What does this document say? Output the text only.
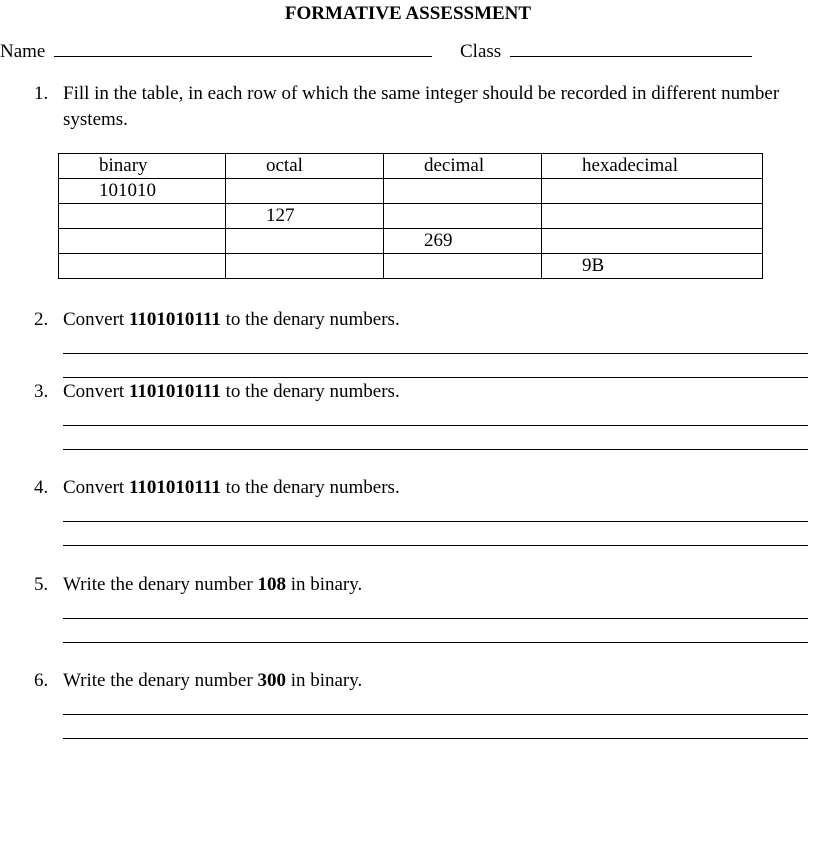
FORMATIVE ASSESSMENT
Name	Class
1. Fill in the table, in each row of which the same integer should be recorded in different number systems.
binary	octal	decimal	hexadecimal

101010			

	127		

		269	

			9B
2. Convert 1101010111 to the denary numbers.
3. Convert 1101010111 to the denary numbers.
4. Convert 1101010111 to the denary numbers.
5. Write the denary number 108 in binary.
6. Write the denary number 300 in binary.
